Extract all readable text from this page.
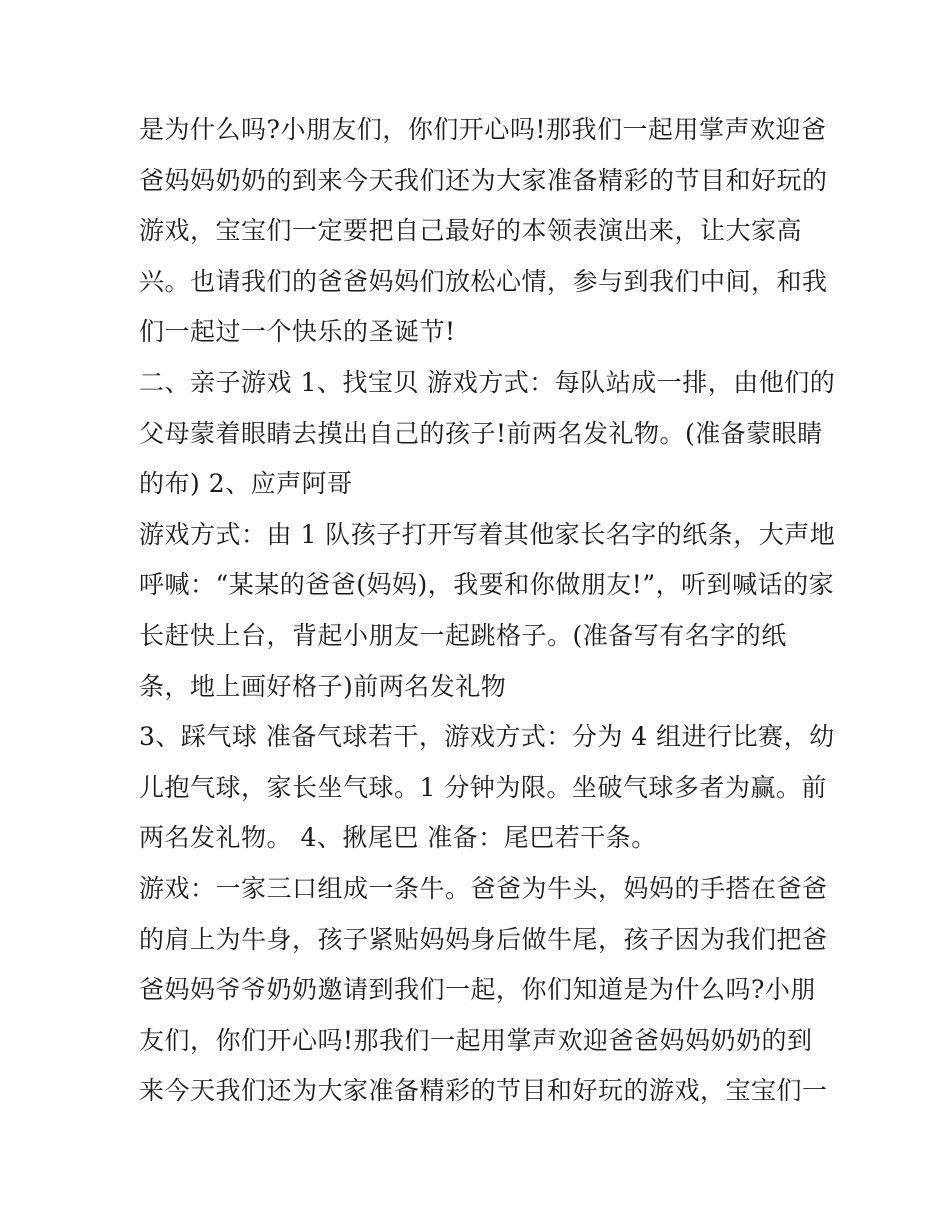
是为什么吗?小朋友们，你们开心吗!那我们一起用掌声欢迎爸
爸妈妈奶奶的到来今天我们还为大家准备精彩的节目和好玩的
游戏，宝宝们一定要把自己最好的本领表演出来，让大家高
兴。也请我们的爸爸妈妈们放松心情，参与到我们中间，和我
们一起过一个快乐的圣诞节!
二、亲子游戏 1、找宝贝 游戏方式：每队站成一排，由他们的
父母蒙着眼睛去摸出自己的孩子!前两名发礼物。(准备蒙眼睛
的布) 2、应声阿哥
游戏方式：由 1 队孩子打开写着其他家长名字的纸条，大声地
呼喊：“某某的爸爸(妈妈)，我要和你做朋友!”，听到喊话的家
长赶快上台，背起小朋友一起跳格子。(准备写有名字的纸
条，地上画好格子)前两名发礼物
3、踩气球 准备气球若干，游戏方式：分为 4 组进行比赛，幼
儿抱气球，家长坐气球。1 分钟为限。坐破气球多者为赢。前
两名发礼物。 4、揪尾巴 准备：尾巴若干条。
游戏：一家三口组成一条牛。爸爸为牛头，妈妈的手搭在爸爸
的肩上为牛身，孩子紧贴妈妈身后做牛尾，孩子因为我们把爸
爸妈妈爷爷奶奶邀请到我们一起，你们知道是为什么吗?小朋
友们，你们开心吗!那我们一起用掌声欢迎爸爸妈妈奶奶的到
来今天我们还为大家准备精彩的节目和好玩的游戏，宝宝们一
